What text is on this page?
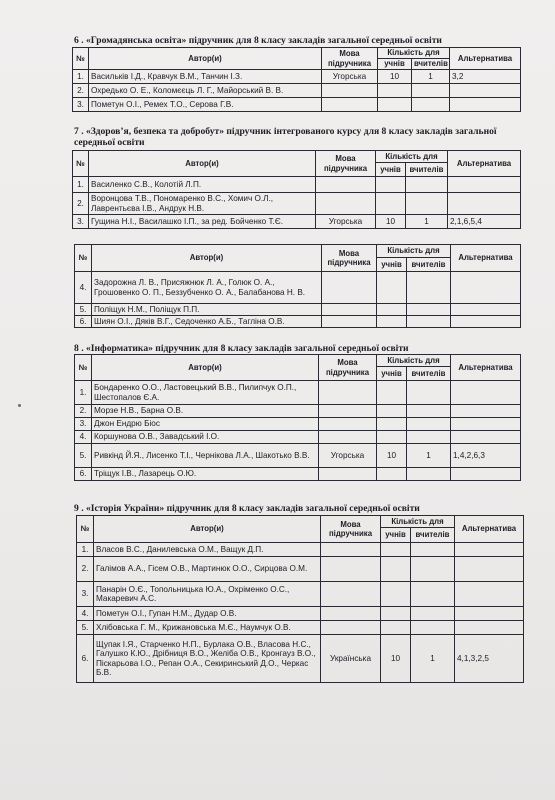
6 . «Громадянська освіта» підручник для 8 класу закладів загальної середньої освіти
№	Автор(и)	Мова підручника	Кількість для		Альтернатива
			учнів	вчителів	
1.	Васильків І.Д., Кравчук В.М., Танчин І.З.	Угорська	10	1	3,2
2.	Охредько О. Е., Коломєєць Л. Г., Майорський В. В.				
3.	Пометун О.І., Ремех Т.О., Серова Г.В.				
7 . «Здоров’я, безпека та добробут» підручник інтегрованого курсу для 8 класу закладів загальної середньої освіти
№	Автор(и)	Мова підручника	Кількість для		Альтернатива
			учнів	вчителів	
1.	Василенко С.В., Колотій Л.П.				
2.	Воронцова Т.В., Пономаренко В.С., Хомич О.Л., Лаврентьєва І.В., Андрук Н.В.				
3.	Гущина Н.І., Василашко І.П., за ред. Бойченко Т.Є.	Угорська	10	1	2,1,6,5,4
№	Автор(и)	Мова підручника	Кількість для		Альтернатива
			учнів	вчителів	
4.	Задорожна Л. В., Присяжнюк Л. А., Голюк О. А., Грошовенко О. П., Беззубченко О. А., Балабанова Н. В.				
5.	Поліщук Н.М., Поліщук П.П.				
6.	Шиян О.І., Дяків В.Г., Седоченко А.Б., Тагліна О.В.				
8 . «Інформатика» підручник для 8 класу закладів загальної середньої освіти
№	Автор(и)	Мова підручника	Кількість для		Альтернатива
			учнів	вчителів	
1.	Бондаренко О.О., Ластовецький В.В., Пилипчук О.П., Шестопалов Є.А.				
2.	Морзе Н.В., Барна О.В.				
3.	Джон Ендрю Біос				
4.	Коршунова О.В., Завадський І.О.				
5.	Ривкінд Й.Я., Лисенко Т.І., Чернікова Л.А., Шакотько В.В.	Угорська	10	1	1,4,2,6,3
6.	Тріщук І.В., Лазарець О.Ю.				
9 . «Історія України» підручник для 8 класу закладів загальної середньої освіти
№	Автор(и)	Мова підручника	Кількість для		Альтернатива
			учнів	вчителів	
1.	Власов В.С., Данилевська О.М., Ващук Д.П.				
2.	Галімов А.А., Гісем О.В., Мартинюк О.О., Сирцова О.М.				
3.	Панарін О.Є., Топольницька Ю.А., Охріменко О.С., Макаревич А.С.				
4.	Пометун О.І., Гупан Н.М., Дудар О.В.				
5.	Хлібовська Г. М., Крижановська М.Є., Наумчук О.В.				
6.	Щупак І.Я., Старченко Н.П., Бурлака О.В., Власова Н.С., Галушко К.Ю., Дрібниця В.О., Желіба О.В., Кронгауз В.О., Піскарьова І.О., Репан О.А., Секиринський Д.О., Черкас Б.В.	Українська	10	1	4,1,3,2,5
